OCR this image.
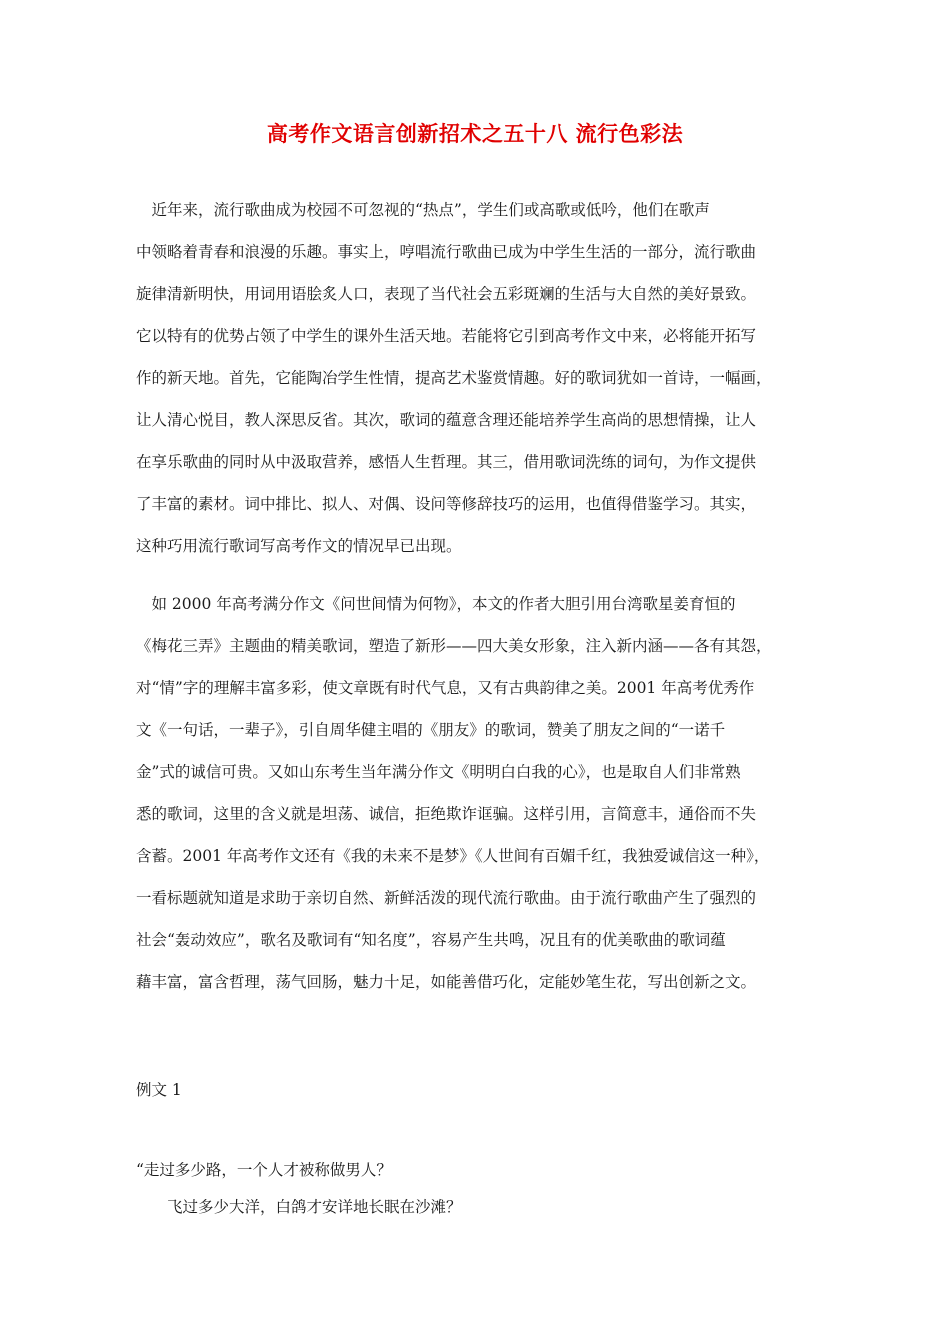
高考作文语言创新招术之五十八 流行色彩法
　近年来，流行歌曲成为校园不可忽视的“热点”，学生们或高歌或低吟，他们在歌声
中领略着青春和浪漫的乐趣。事实上，哼唱流行歌曲已成为中学生生活的一部分，流行歌曲
旋律清新明快，用词用语脍炙人口，表现了当代社会五彩斑斓的生活与大自然的美好景致。
它以特有的优势占领了中学生的课外生活天地。若能将它引到高考作文中来，必将能开拓写
作的新天地。首先，它能陶冶学生性情，提高艺术鉴赏情趣。好的歌词犹如一首诗，一幅画，
让人清心悦目，教人深思反省。其次，歌词的蕴意含理还能培养学生高尚的思想情操，让人
在享乐歌曲的同时从中汲取营养，感悟人生哲理。其三，借用歌词洗练的词句，为作文提供
了丰富的素材。词中排比、拟人、对偶、设问等修辞技巧的运用，也值得借鉴学习。其实，
这种巧用流行歌词写高考作文的情况早已出现。
　如 2000 年高考满分作文《问世间情为何物》，本文的作者大胆引用台湾歌星姜育恒的
《梅花三弄》主题曲的精美歌词，塑造了新形——四大美女形象，注入新内涵——各有其怨，
对“情”字的理解丰富多彩，使文章既有时代气息，又有古典韵律之美。2001 年高考优秀作
文《一句话，一辈子》，引自周华健主唱的《朋友》的歌词，赞美了朋友之间的“一诺千
金”式的诚信可贵。又如山东考生当年满分作文《明明白白我的心》，也是取自人们非常熟
悉的歌词，这里的含义就是坦荡、诚信，拒绝欺诈诓骗。这样引用，言简意丰，通俗而不失
含蓄。2001 年高考作文还有《我的未来不是梦》《人世间有百媚千红，我独爱诚信这一种》，
一看标题就知道是求助于亲切自然、新鲜活泼的现代流行歌曲。由于流行歌曲产生了强烈的
社会“轰动效应”，歌名及歌词有“知名度”，容易产生共鸣，况且有的优美歌曲的歌词蕴
藉丰富，富含哲理，荡气回肠，魅力十足，如能善借巧化，定能妙笔生花，写出创新之文。
例文 1
“走过多少路，一个人才被称做男人？
　　飞过多少大洋，白鸽才安详地长眠在沙滩？
